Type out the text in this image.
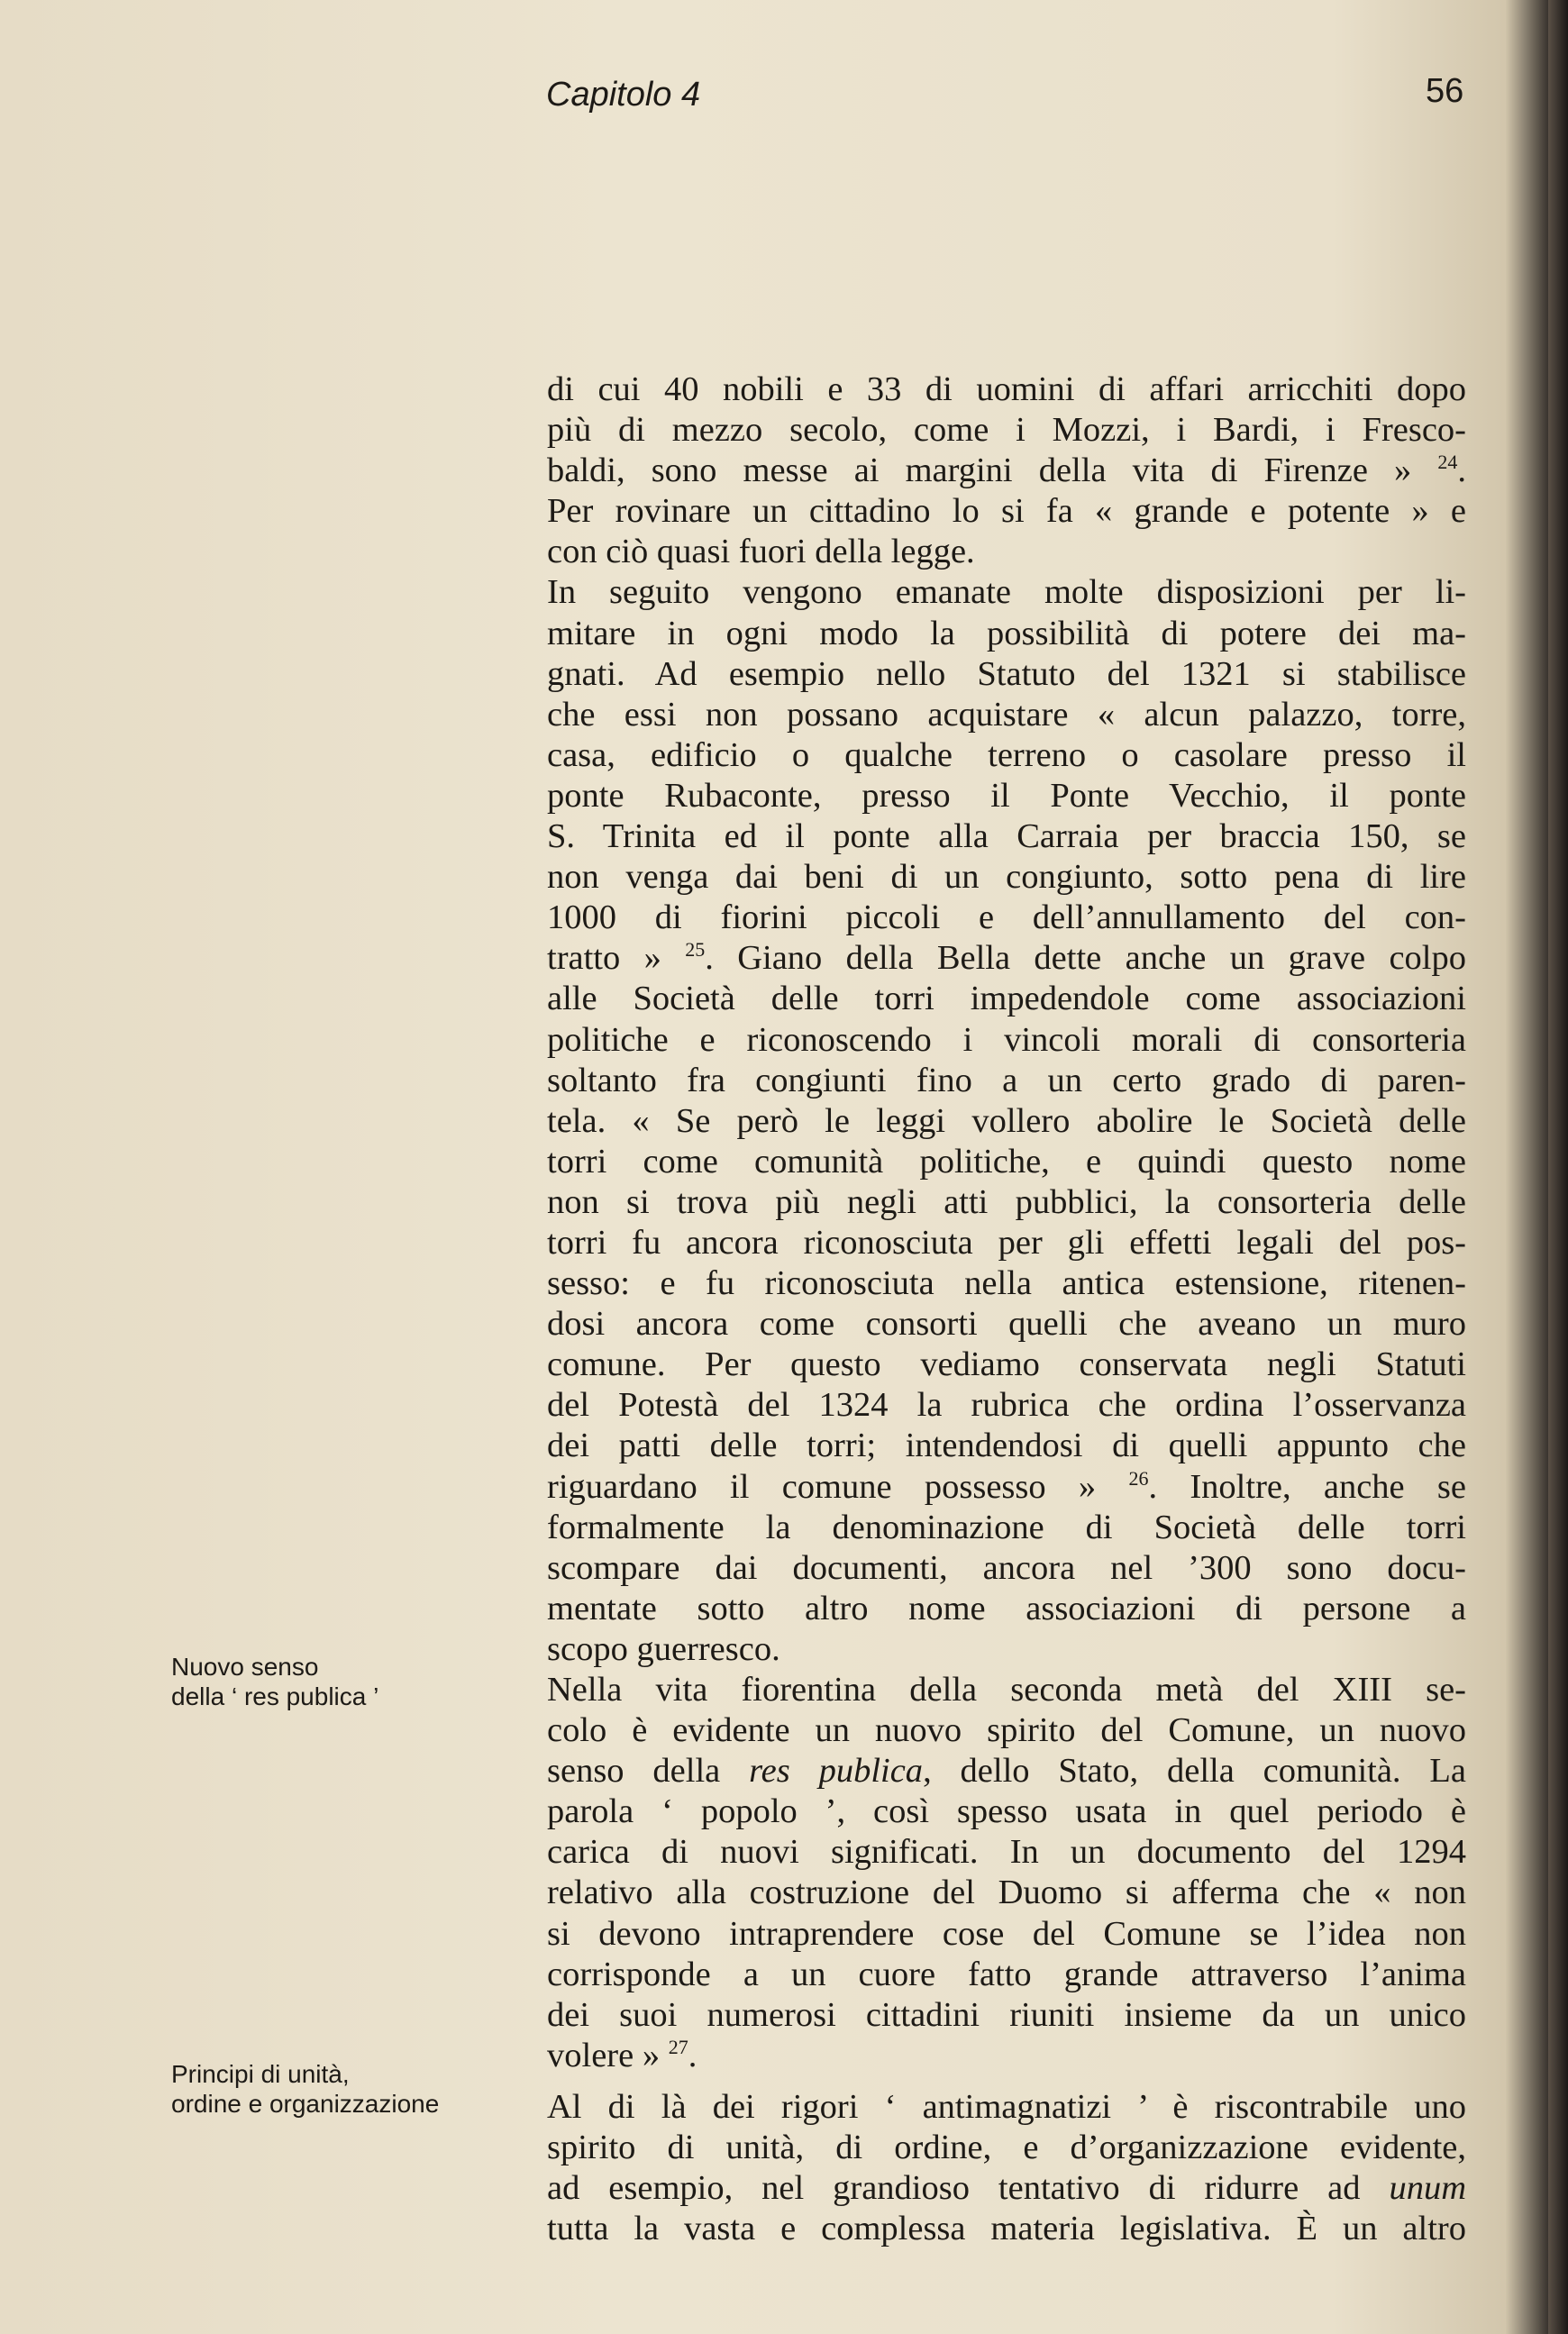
Capitolo 4	56
Nuovo senso
della ‘ res publica ’
Principi di unità,
ordine e organizzazione
di cui 40 nobili e 33 di uomini di affari arricchiti dopo
più di mezzo secolo, come i Mozzi, i Bardi, i Fresco-
baldi, sono messe ai margini della vita di Firenze » $^{24}$.
Per rovinare un cittadino lo si fa « grande e potente » e
con ciò quasi fuori della legge.
In seguito vengono emanate molte disposizioni per li-
mitare in ogni modo la possibilità di potere dei ma-
gnati. Ad esempio nello Statuto del 1321 si stabilisce
che essi non possano acquistare « alcun palazzo, torre,
casa, edificio o qualche terreno o casolare presso il
ponte Rubaconte, presso il Ponte Vecchio, il ponte
S. Trinita ed il ponte alla Carraia per braccia 150, se
non venga dai beni di un congiunto, sotto pena di lire
1000 di fiorini piccoli e dell’annullamento del con-
tratto » $^{25}$. Giano della Bella dette anche un grave colpo
alle Società delle torri impedendole come associazioni
politiche e riconoscendo i vincoli morali di consorteria
soltanto fra congiunti fino a un certo grado di paren-
tela. « Se però le leggi vollero abolire le Società delle
torri come comunità politiche, e quindi questo nome
non si trova più negli atti pubblici, la consorteria delle
torri fu ancora riconosciuta per gli effetti legali del pos-
sesso: e fu riconosciuta nella antica estensione, ritenen-
dosi ancora come consorti quelli che aveano un muro
comune. Per questo vediamo conservata negli Statuti
del Potestà del 1324 la rubrica che ordina l’osservanza
dei patti delle torri; intendendosi di quelli appunto che
riguardano il comune possesso » $^{26}$. Inoltre, anche se
formalmente la denominazione di Società delle torri
scompare dai documenti, ancora nel ’300 sono docu-
mentate sotto altro nome associazioni di persone a
scopo guerresco.
Nella vita fiorentina della seconda metà del XIII se-
colo è evidente un nuovo spirito del Comune, un nuovo
senso della res publica, dello Stato, della comunità. La
parola ‘ popolo ’, così spesso usata in quel periodo è
carica di nuovi significati. In un documento del 1294
relativo alla costruzione del Duomo si afferma che « non
si devono intraprendere cose del Comune se l’idea non
corrisponde a un cuore fatto grande attraverso l’anima
dei suoi numerosi cittadini riuniti insieme da un unico
volere » $^{27}$.
Al di là dei rigori ‘ antimagnatizi ’ è riscontrabile uno
spirito di unità, di ordine, e d’organizzazione evidente,
ad esempio, nel grandioso tentativo di ridurre ad unum
tutta la vasta e complessa materia legislativa. È un altro
